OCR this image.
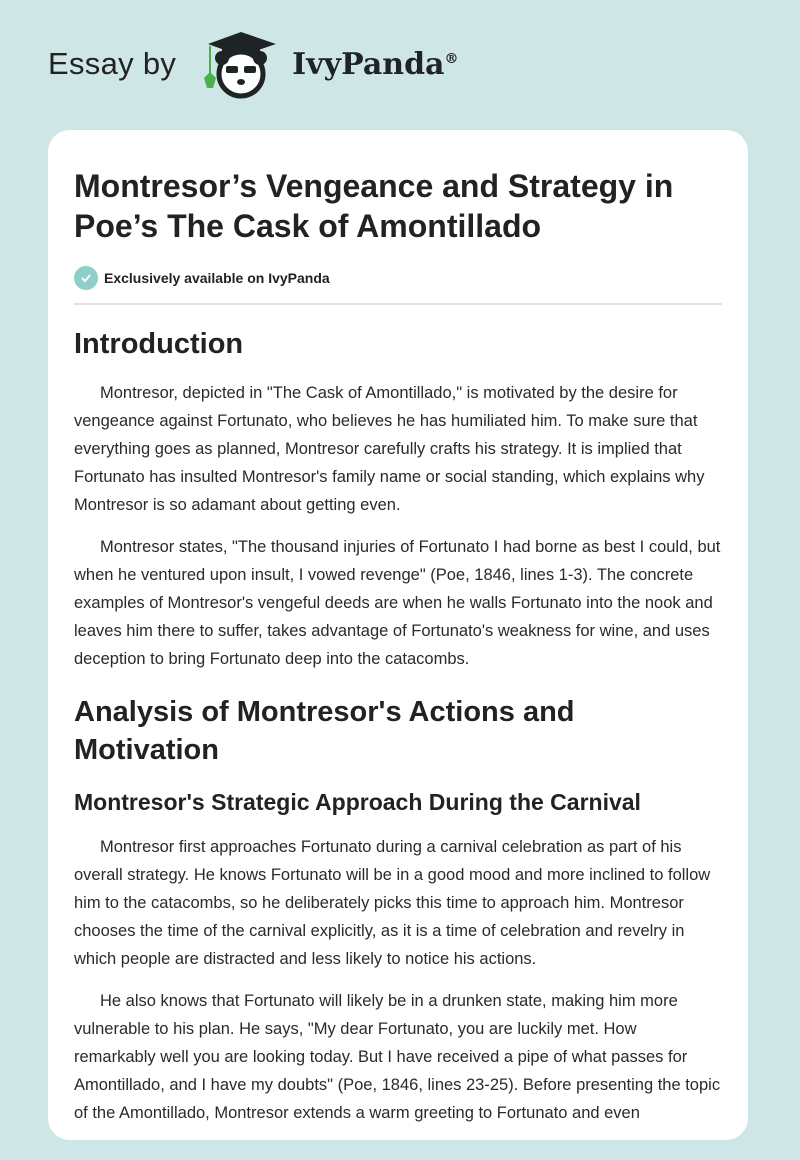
Essay by	IvyPanda®
Montresor’s Vengeance and Strategy in Poe’s The Cask of Amontillado
Exclusively available on IvyPanda
Introduction

Montresor, depicted in "The Cask of Amontillado," is motivated by the desire for vengeance against Fortunato, who believes he has humiliated him. To make sure that everything goes as planned, Montresor carefully crafts his strategy. It is implied that Fortunato has insulted Montresor's family name or social standing, which explains why Montresor is so adamant about getting even.

Montresor states, "The thousand injuries of Fortunato I had borne as best I could, but when he ventured upon insult, I vowed revenge" (Poe, 1846, lines 1-3). The concrete examples of Montresor's vengeful deeds are when he walls Fortunato into the nook and leaves him there to suffer, takes advantage of Fortunato's weakness for wine, and uses deception to bring Fortunato deep into the catacombs.

Analysis of Montresor's Actions and Motivation
Montresor's Strategic Approach During the Carnival

Montresor first approaches Fortunato during a carnival celebration as part of his overall strategy. He knows Fortunato will be in a good mood and more inclined to follow him to the catacombs, so he deliberately picks this time to approach him. Montresor chooses the time of the carnival explicitly, as it is a time of celebration and revelry in which people are distracted and less likely to notice his actions.

He also knows that Fortunato will likely be in a drunken state, making him more vulnerable to his plan. He says, "My dear Fortunato, you are luckily met. How remarkably well you are looking today. But I have received a pipe of what passes for Amontillado, and I have my doubts" (Poe, 1846, lines 23-25). Before presenting the topic of the Amontillado, Montresor extends a warm greeting to Fortunato and even
